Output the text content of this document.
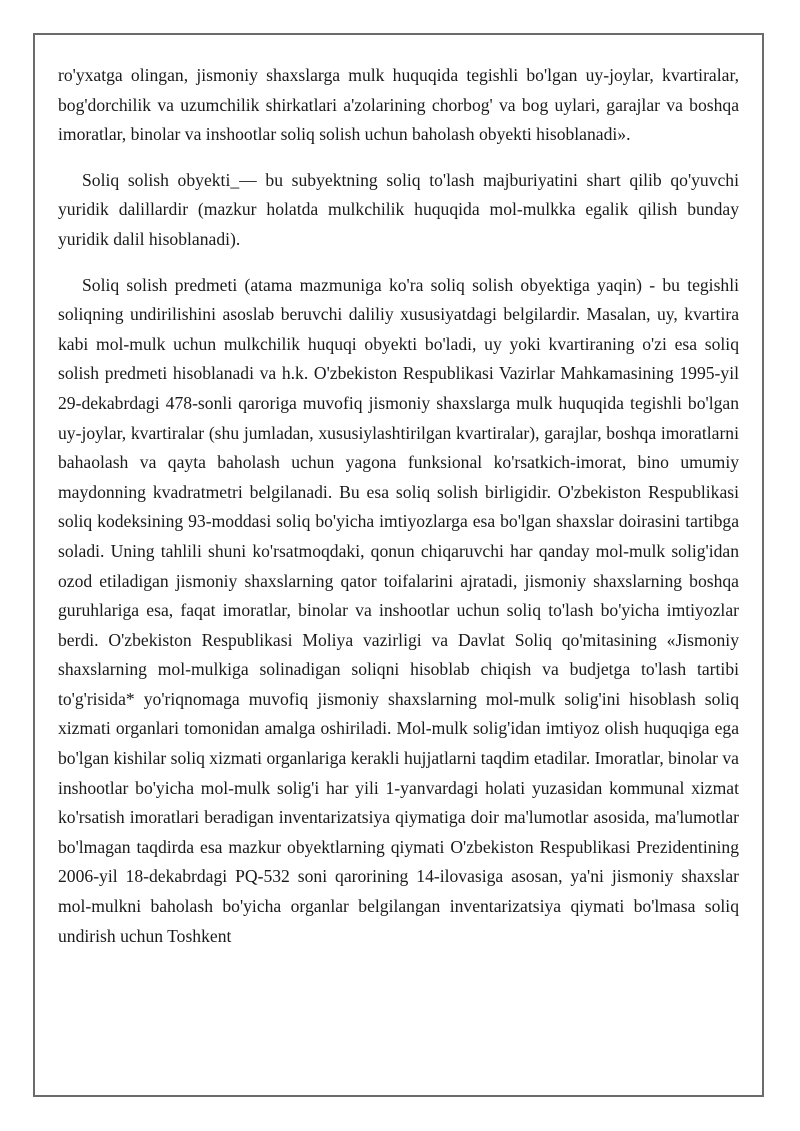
ro'yxatga olingan, jismoniy shaxslarga mulk huquqida tegishli bo'lgan uy-joylar, kvartiralar, bog'dorchilik va uzumchilik shirkatlari a'zolarining chorbog' va bog uylari, garajlar va boshqa imoratlar, binolar va inshootlar soliq solish uchun baholash obyekti hisoblanadi».

Soliq solish obyekti_— bu subyektning soliq to'lash majburiyatini shart qilib qo'yuvchi yuridik dalillardir (mazkur holatda mulkchilik huquqida mol-mulkka egalik qilish bunday yuridik dalil hisoblanadi).

Soliq solish predmeti (atama mazmuniga ko'ra soliq solish obyektiga yaqin) - bu tegishli soliqning undirilishini asoslab beruvchi daliliy xususiyatdagi belgilardir. Masalan, uy, kvartira kabi mol-mulk uchun mulkchilik huquqi obyekti bo'ladi, uy yoki kvartiraning o'zi esa soliq solish predmeti hisoblanadi va h.k. O'zbekiston Respublikasi Vazirlar Mahkamasining 1995-yil 29-dekabrdagi 478-sonli qaroriga muvofiq jismoniy shaxslarga mulk huquqida tegishli bo'lgan uy-joylar, kvartiralar (shu jumladan, xususiylashtirilgan kvartiralar), garajlar, boshqa imoratlarni bahaolash va qayta baholash uchun yagona funksional ko'rsatkich-imorat, bino umumiy maydonning kvadratmetri belgilanadi. Bu esa soliq solish birligidir. O'zbekiston Respublikasi soliq kodeksining 93-moddasi soliq bo'yicha imtiyozlarga esa bo'lgan shaxslar doirasini tartibga soladi. Uning tahlili shuni ko'rsatmoqdaki, qonun chiqaruvchi har qanday mol-mulk solig'idan ozod etiladigan jismoniy shaxslarning qator toifalarini ajratadi, jismoniy shaxslarning boshqa guruhlariga esa, faqat imoratlar, binolar va inshootlar uchun soliq to'lash bo'yicha imtiyozlar berdi. O'zbekiston Respublikasi Moliya vazirligi va Davlat Soliq qo'mitasining «Jismoniy shaxslarning mol-mulkiga solinadigan soliqni hisoblab chiqish va budjetga to'lash tartibi to'g'risida* yo'riqnomaga muvofiq jismoniy shaxslarning mol-mulk solig'ini hisoblash soliq xizmati organlari tomonidan amalga oshiriladi. Mol-mulk solig'idan imtiyoz olish huquqiga ega bo'lgan kishilar soliq xizmati organlariga kerakli hujjatlarni taqdim etadilar. Imoratlar, binolar va inshootlar bo'yicha mol-mulk solig'i har yili 1-yanvardagi holati yuzasidan kommunal xizmat ko'rsatish imoratlari beradigan inventarizatsiya qiymatiga doir ma'lumotlar asosida, ma'lumotlar bo'lmagan taqdirda esa mazkur obyektlarning qiymati O'zbekiston Respublikasi Prezidentining 2006-yil 18-dekabrdagi PQ-532 soni qarorining 14-ilovasiga asosan, ya'ni jismoniy shaxslar mol-mulkni baholash bo'yicha organlar belgilangan inventarizatsiya qiymati bo'lmasa soliq undirish uchun Toshkent
